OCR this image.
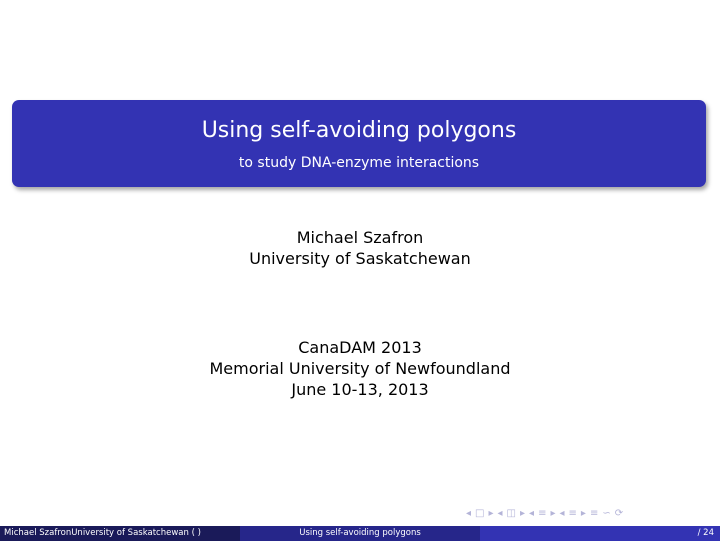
Using self-avoiding polygons
to study DNA-enzyme interactions
Michael Szafron
University of Saskatchewan
CanaDAM 2013
Memorial University of Newfoundland
June 10-13, 2013
◂ □ ▸ ◂ ◫ ▸ ◂ ≡ ▸ ◂ ≡ ▸ ≡ ∽ ⟳
Michael SzafronUniversity of Saskatchewan ( )	Using self-avoiding polygons	/ 24
